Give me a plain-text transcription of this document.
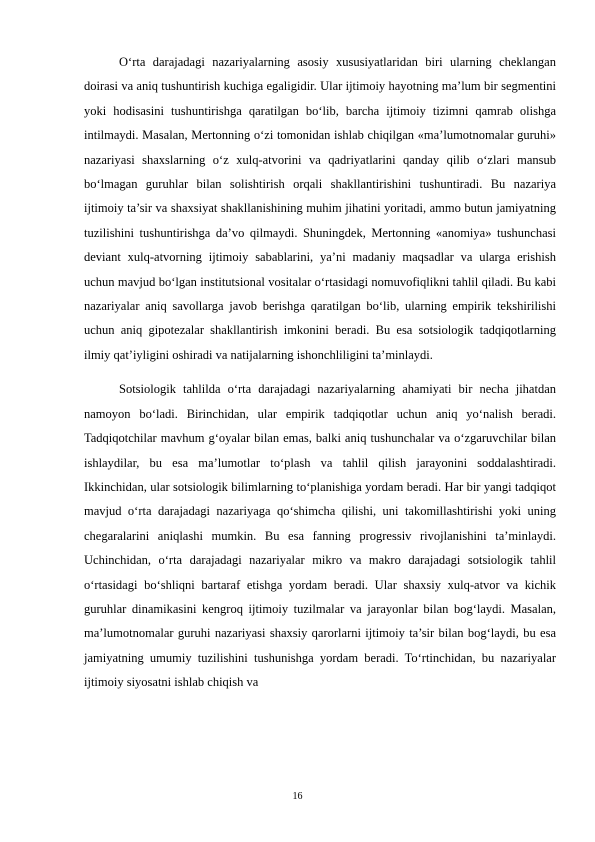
O‘rta darajadagi nazariyalarning asosiy xususiyatlaridan biri ularning cheklangan doirasi va aniq tushuntirish kuchiga egaligidir. Ular ijtimoiy hayotning ma’lum bir segmentini yoki hodisasini tushuntirishga qaratilgan bo‘lib, barcha ijtimoiy tizimni qamrab olishga intilmaydi. Masalan, Mertonning o‘zi tomonidan ishlab chiqilgan «ma’lumotnomalar guruhi» nazariyasi shaxslarning o‘z xulq-atvorini va qadriyatlarini qanday qilib o‘zlari mansub bo‘lmagan guruhlar bilan solishtirish orqali shakllantirishini tushuntiradi. Bu nazariya ijtimoiy ta’sir va shaxsiyat shakllanishining muhim jihatini yoritadi, ammo butun jamiyatning tuzilishini tushuntirishga da’vo qilmaydi. Shuningdek, Mertonning «anomiya» tushunchasi deviant xulq-atvorning ijtimoiy sabablarini, ya’ni madaniy maqsadlar va ularga erishish uchun mavjud bo‘lgan institutsional vositalar o‘rtasidagi nomuvofiqlikni tahlil qiladi. Bu kabi nazariyalar aniq savollarga javob berishga qaratilgan bo‘lib, ularning empirik tekshirilishi uchun aniq gipotezalar shakllantirish imkonini beradi. Bu esa sotsiologik tadqiqotlarning ilmiy qat’iyligini oshiradi va natijalarning ishonchliligini ta’minlaydi.

Sotsiologik tahlilda o‘rta darajadagi nazariyalarning ahamiyati bir necha jihatdan namoyon bo‘ladi. Birinchidan, ular empirik tadqiqotlar uchun aniq yo‘nalish beradi. Tadqiqotchilar mavhum g‘oyalar bilan emas, balki aniq tushunchalar va o‘zgaruvchilar bilan ishlaydilar, bu esa ma’lumotlar to‘plash va tahlil qilish jarayonini soddalashtiradi. Ikkinchidan, ular sotsiologik bilimlarning to‘planishiga yordam beradi. Har bir yangi tadqiqot mavjud o‘rta darajadagi nazariyaga qo‘shimcha qilishi, uni takomillashtirishi yoki uning chegaralarini aniqlashi mumkin. Bu esa fanning progressiv rivojlanishini ta’minlaydi. Uchinchidan, o‘rta darajadagi nazariyalar mikro va makro darajadagi sotsiologik tahlil o‘rtasidagi bo‘shliqni bartaraf etishga yordam beradi. Ular shaxsiy xulq-atvor va kichik guruhlar dinamikasini kengroq ijtimoiy tuzilmalar va jarayonlar bilan bog‘laydi. Masalan, ma’lumotnomalar guruhi nazariyasi shaxsiy qarorlarni ijtimoiy ta’sir bilan bog‘laydi, bu esa jamiyatning umumiy tuzilishini tushunishga yordam beradi. To‘rtinchidan, bu nazariyalar ijtimoiy siyosatni ishlab chiqish va

16
